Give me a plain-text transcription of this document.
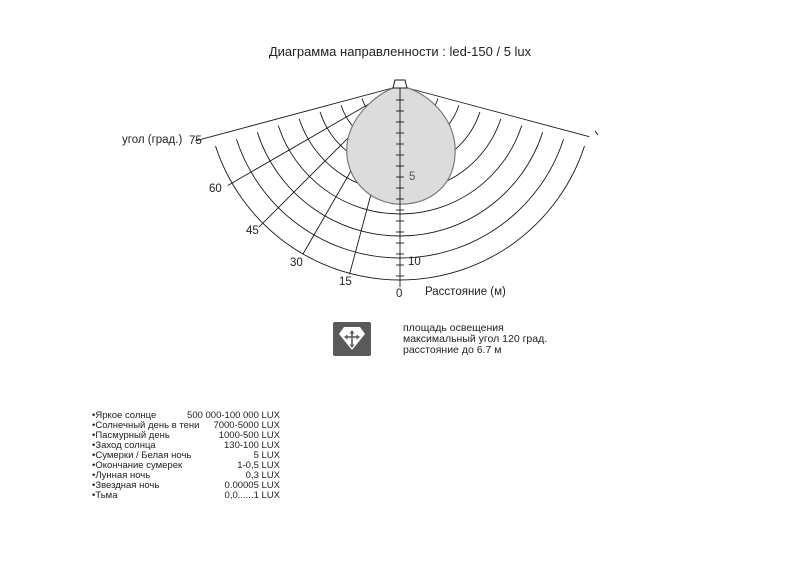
Диаграмма направленности : led-150 / 5 lux
угол (град.) 75
60
45
30
15
0
5
10
Расстояние (м)
площадь освещения
максимальный угол 120 град.
расстояние до 6.7 м
• Яркое солнце	500 000-100 000 LUX
• Солнечный день в тени 7000-5000 LUX
• Пасмурный день	1000-500 LUX
• Заход солнца	130-100 LUX
• Сумерки / Белая ночь	5 LUX
• Окончание сумерек	1-0,5 LUX
• Лунная ночь	0,3 LUX
• Звездная ночь	0.00005 LUX
• Тьма	0,0......1 LUX
